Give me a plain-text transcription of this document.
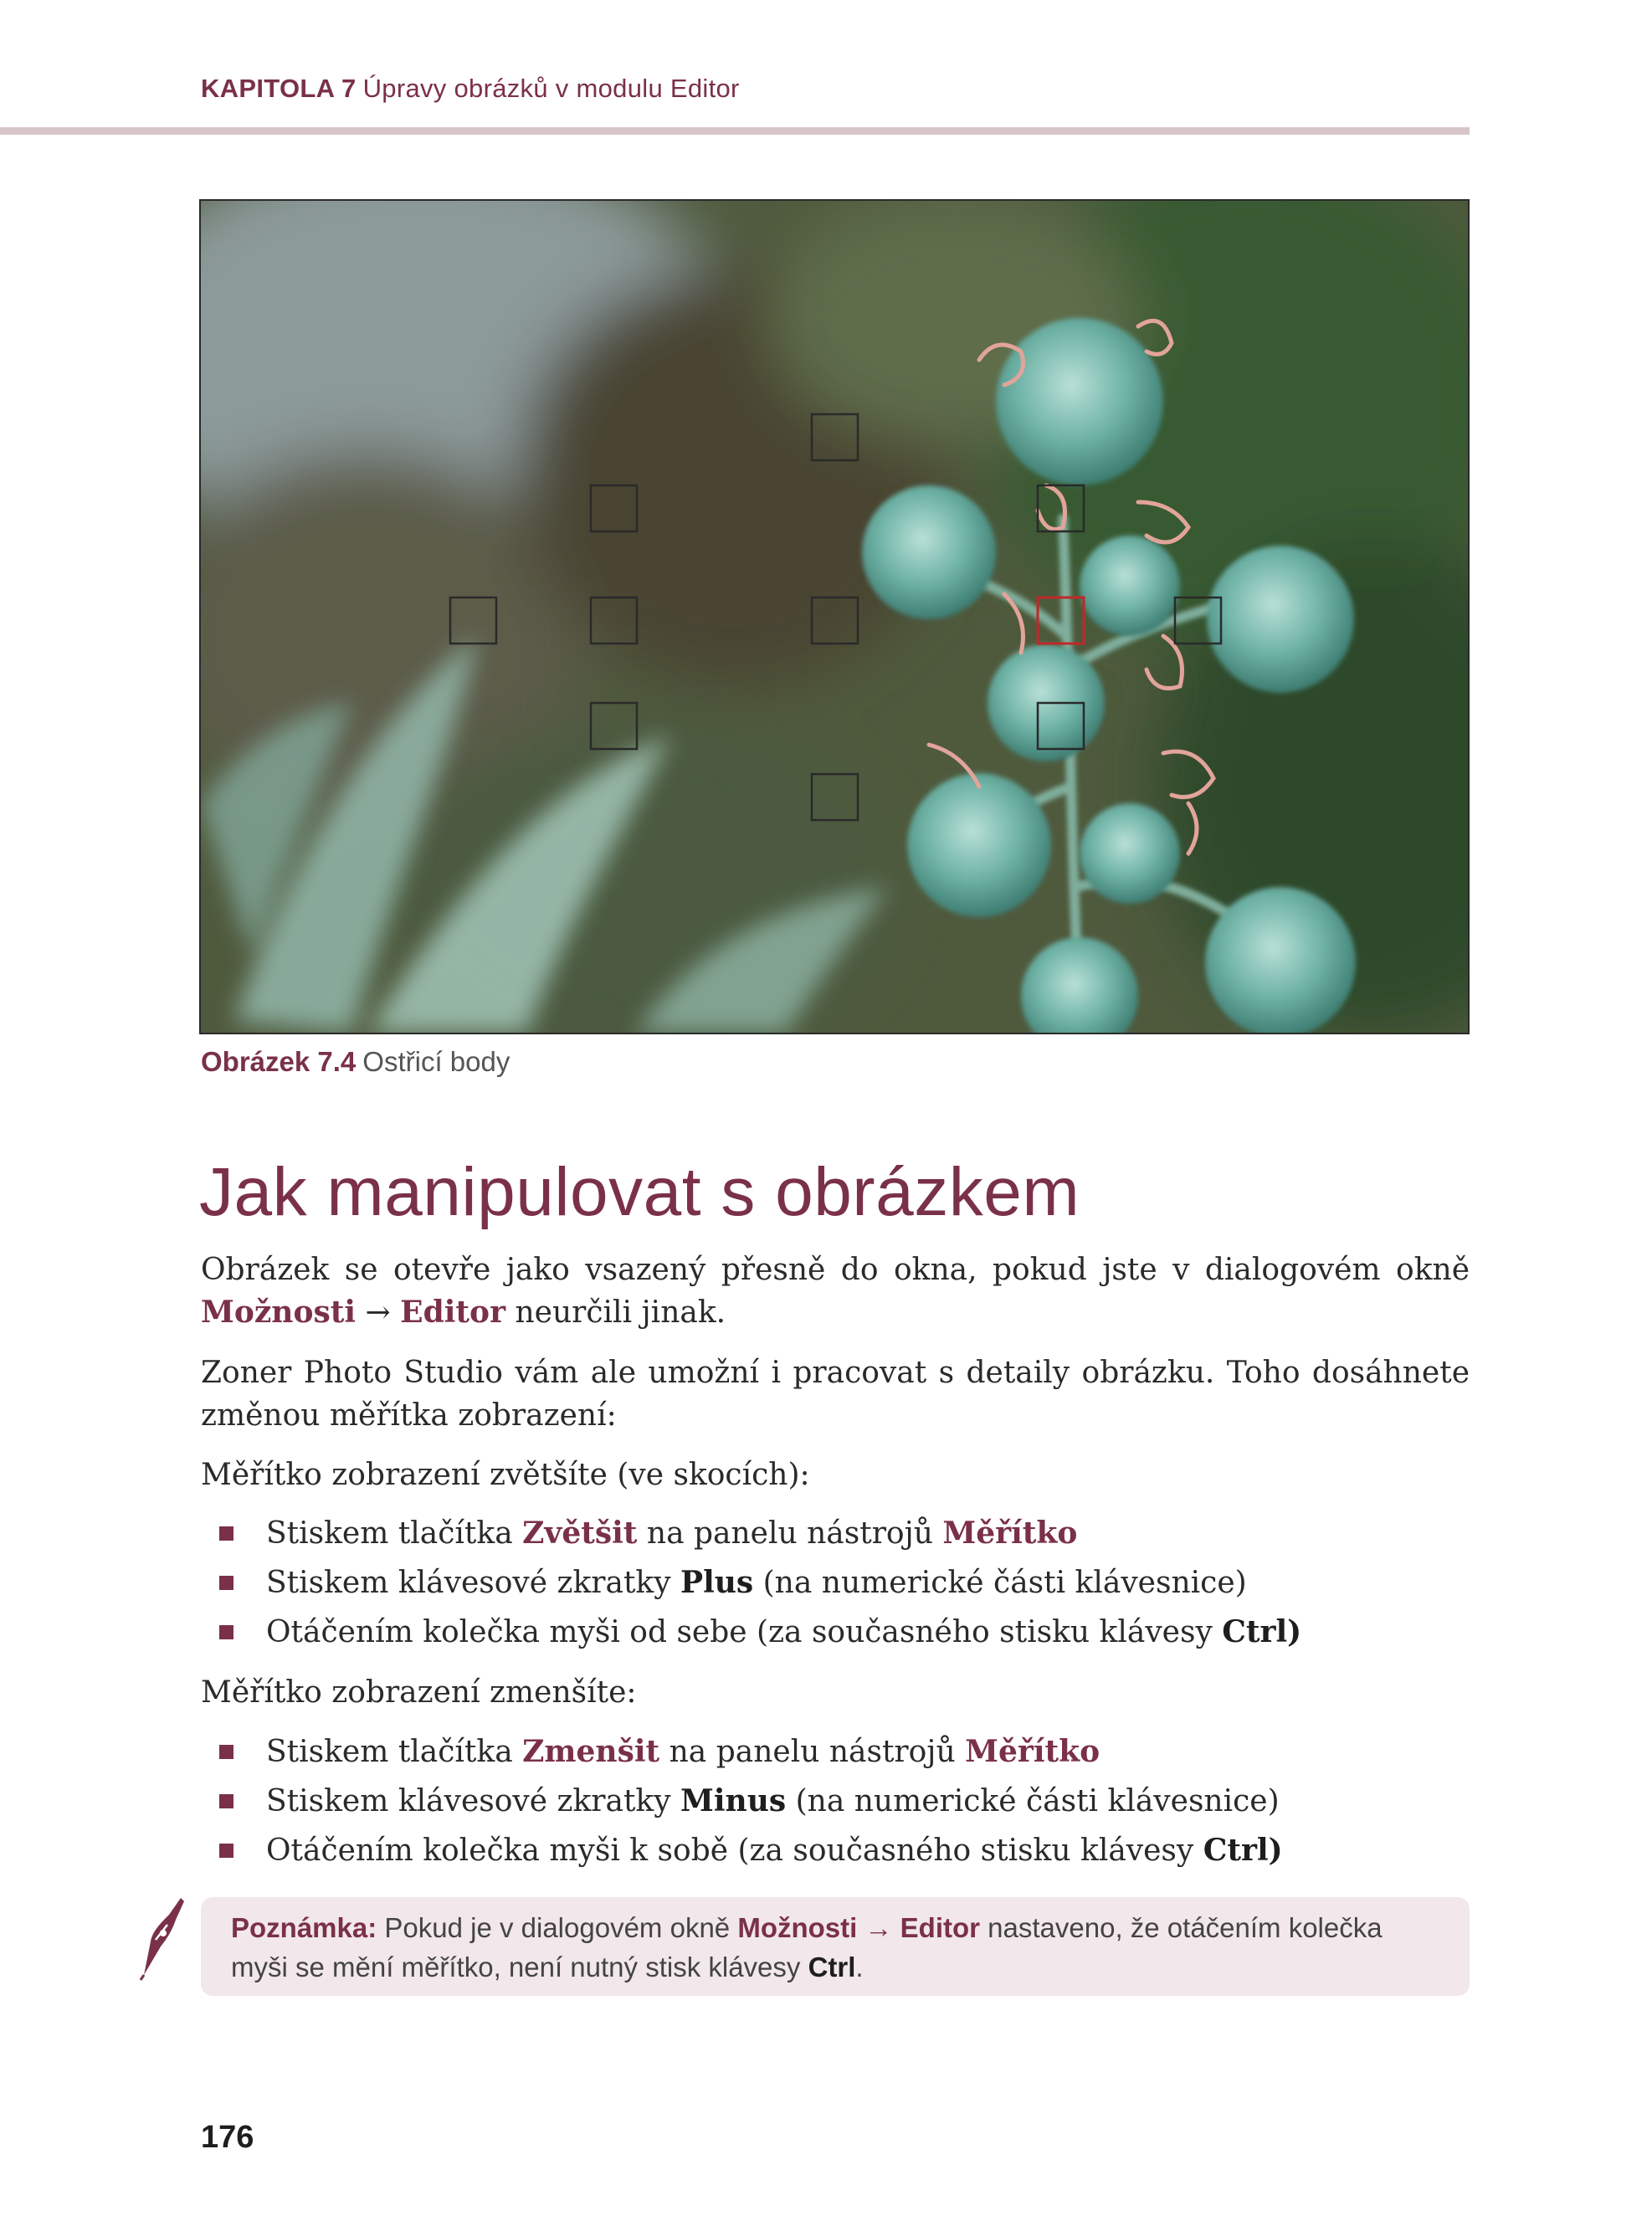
KAPITOLA 7 Úpravy obrázků v modulu Editor
Obrázek 7.4 Ostřicí body
Jak manipulovat s obrázkem

Obrázek se otevře jako vsazený přesně do okna, pokud jste v dialogovém okně Možnosti → Editor neurčili jinak.

Zoner Photo Studio vám ale umožní i pracovat s detaily obrázku. Toho dosáhnete změnou měřítka zobrazení:

Měřítko zobrazení zvětšíte (ve skocích):

Stiskem tlačítka Zvětšit na panelu nástrojů Měřítko
Stiskem klávesové zkratky Plus (na numerické části klávesnice)
Otáčením kolečka myši od sebe (za současného stisku klávesy Ctrl)

Měřítko zobrazení zmenšíte:

Stiskem tlačítka Zmenšit na panelu nástrojů Měřítko
Stiskem klávesové zkratky Minus (na numerické části klávesnice)
Otáčením kolečka myši k sobě (za současného stisku klávesy Ctrl)
Poznámka: Pokud je v dialogovém okně Možnosti → Editor nastaveno, že otáčením kolečka myši se mění měřítko, není nutný stisk klávesy Ctrl.
176
